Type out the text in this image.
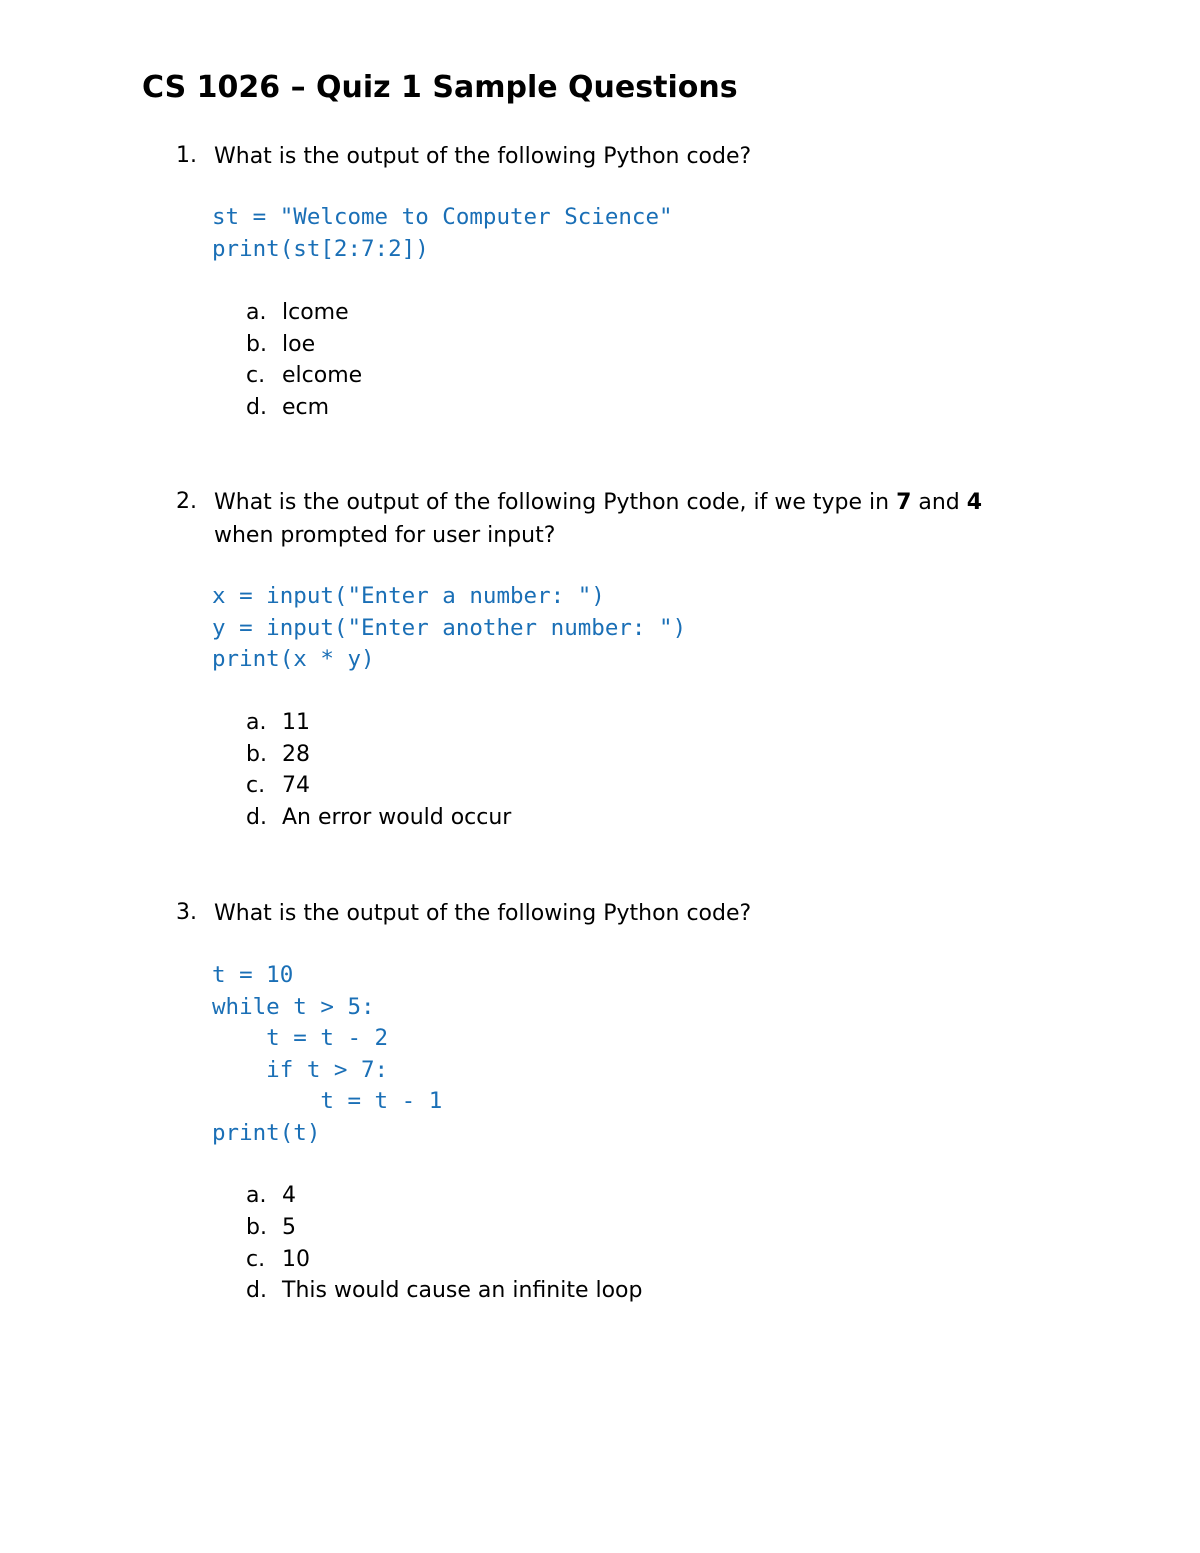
CS 1026 – Quiz 1 Sample Questions
1. What is the output of the following Python code?
st = "Welcome to Computer Science"
print(st[2:7:2])
a. lcome
b. loe
c. elcome
d. ecm
2. What is the output of the following Python code, if we type in 7 and 4
when prompted for user input?
x = input("Enter a number: ")
y = input("Enter another number: ")
print(x * y)
a. 11
b. 28
c. 74
d. An error would occur
3. What is the output of the following Python code?
t = 10
while t > 5:
t = t - 2
if t > 7:
t = t - 1
print(t)
a. 4
b. 5
c. 10
d. This would cause an infinite loop
